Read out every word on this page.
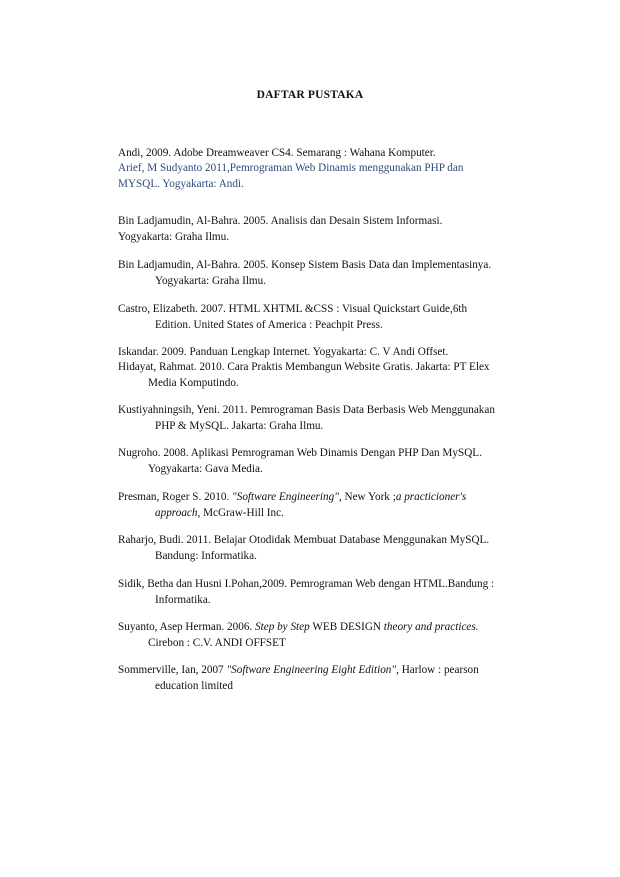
DAFTAR PUSTAKA
Andi, 2009. Adobe Dreamweaver CS4. Semarang : Wahana Komputer.
Arief, M Sudyanto 2011,Pemrograman Web Dinamis menggunakan PHP dan
MYSQL. Yogyakarta: Andi.
Bin Ladjamudin, Al-Bahra. 2005. Analisis dan Desain Sistem Informasi.
Yogyakarta: Graha Ilmu.
Bin Ladjamudin, Al-Bahra. 2005. Konsep Sistem Basis Data dan Implementasinya.
Yogyakarta: Graha Ilmu.
Castro, Elizabeth. 2007. HTML XHTML &CSS : Visual Quickstart Guide,6th
Edition. United States of America : Peachpit Press.
Iskandar. 2009. Panduan Lengkap Internet. Yogyakarta: C. V Andi Offset.
Hidayat, Rahmat. 2010. Cara Praktis Membangun Website Gratis. Jakarta: PT Elex
Media Komputindo.
Kustiyahningsih, Yeni. 2011. Pemrograman Basis Data Berbasis Web Menggunakan
PHP & MySQL. Jakarta: Graha Ilmu.
Nugroho. 2008. Aplikasi Pemrograman Web Dinamis Dengan PHP Dan MySQL.
Yogyakarta: Gava Media.
Presman, Roger S. 2010. "Software Engineering", New York ;a practicioner's
approach, McGraw-Hill Inc.
Raharjo, Budi. 2011. Belajar Otodidak Membuat Database Menggunakan MySQL.
Bandung: Informatika.
Sidik, Betha dan Husni I.Pohan,2009. Pemrograman Web dengan HTML.Bandung :
Informatika.
Suyanto, Asep Herman. 2006. Step by Step WEB DESIGN theory and practices.
Cirebon : C.V. ANDI OFFSET
Sommerville, Ian, 2007 "Software Engineering Eight Edition", Harlow : pearson
education limited
